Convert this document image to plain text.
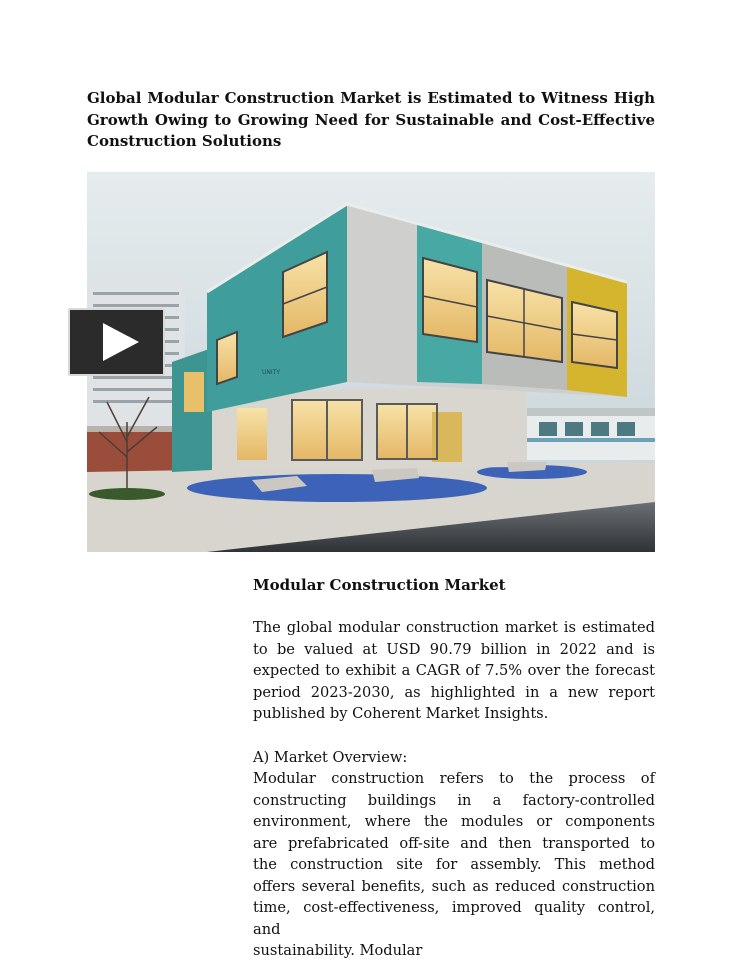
Global Modular Construction Market is Estimated to Witness High
Growth Owing to Growing Need for Sustainable and Cost-Effective
Construction Solutions
UNITY
Modular Construction Market

The global modular construction market is estimated
to be valued at USD 90.79 billion in 2022 and is
expected to exhibit a CAGR of 7.5% over the forecast
period 2023-2030, as highlighted in a new report
published by Coherent Market Insights.

A) Market Overview:

Modular construction refers to the process of
constructing buildings in a factory-controlled
environment, where the modules or components
are prefabricated off-site and then transported to
the construction site for assembly. This method
offers several benefits, such as reduced construction
time, cost-effectiveness, improved quality control, and
sustainability. Modular
